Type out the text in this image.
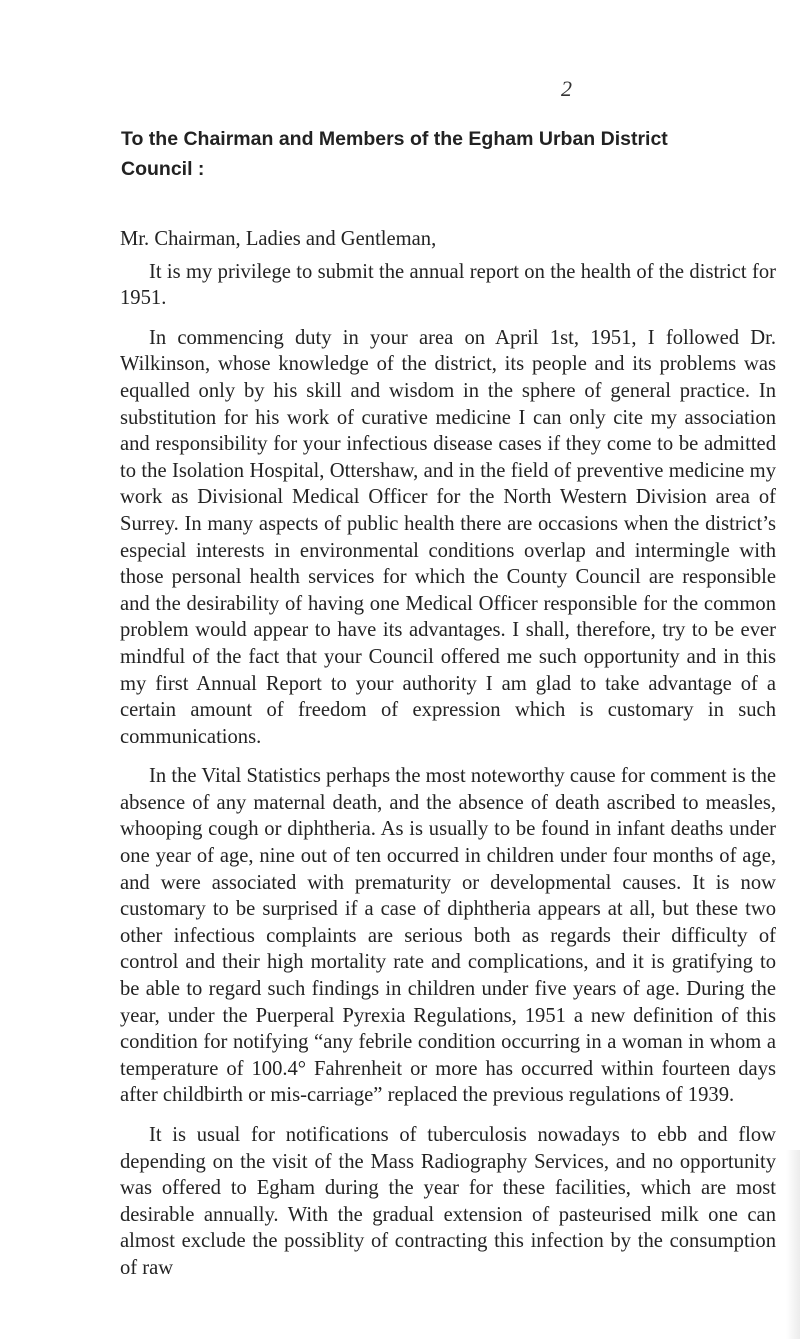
2
To the Chairman and Members of the Egham Urban District
Council :

Mr. Chairman, Ladies and Gentleman,

It is my privilege to submit the annual report on the health of the district for 1951.

In commencing duty in your area on April 1st, 1951, I followed Dr. Wilkinson, whose knowledge of the district, its people and its problems was equalled only by his skill and wisdom in the sphere of general practice. In substitution for his work of curative medicine I can only cite my association and responsibility for your infectious disease cases if they come to be admitted to the Isolation Hospital, Ottershaw, and in the field of preventive medicine my work as Divisional Medical Officer for the North Western Division area of Surrey. In many aspects of public health there are occasions when the district’s especial interests in environmental conditions overlap and intermingle with those personal health services for which the County Council are responsible and the desirability of having one Medical Officer responsible for the common problem would appear to have its advantages. I shall, therefore, try to be ever mindful of the fact that your Council offered me such opportunity and in this my first Annual Report to your authority I am glad to take advantage of a certain amount of freedom of expression which is customary in such communications.

In the Vital Statistics perhaps the most noteworthy cause for comment is the absence of any maternal death, and the absence of death ascribed to measles, whooping cough or diphtheria. As is usually to be found in infant deaths under one year of age, nine out of ten occurred in children under four months of age, and were associated with prematurity or developmental causes. It is now customary to be surprised if a case of diphtheria appears at all, but these two other infectious complaints are serious both as regards their difficulty of control and their high mortality rate and complications, and it is gratifying to be able to regard such findings in children under five years of age. During the year, under the Puerperal Pyrexia Regulations, 1951 a new definition of this condition for notifying “any febrile condition occurring in a woman in whom a temperature of 100.4° Fahrenheit or more has occurred within fourteen days after childbirth or mis-carriage” replaced the previous regulations of 1939.

It is usual for notifications of tuberculosis nowadays to ebb and flow depending on the visit of the Mass Radiography Services, and no opportunity was offered to Egham during the year for these facilities, which are most desirable annually. With the gradual extension of pasteurised milk one can almost exclude the possiblity of contracting this infection by the consumption of raw
